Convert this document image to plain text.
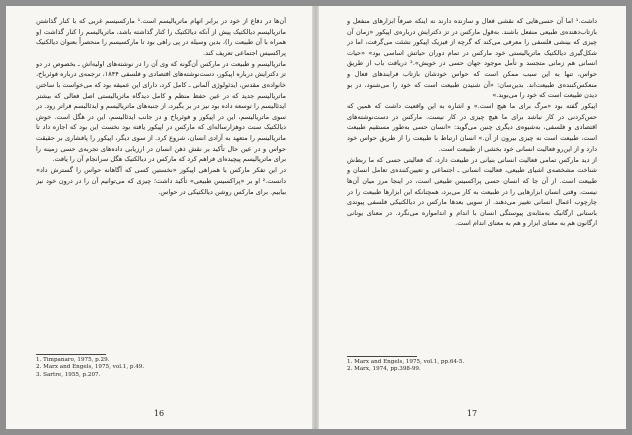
آن‌ها در دفاع از خود در برابر اتهام ماتریالیسم است.¹ مارکسیسم غربی که با کنار گذاشتن ماتریالیسم دیالکتیک پیش از آنکه دیالکتیک را کنار گذاشته باشد، ماتریالیسم را کنار گذاشت (و همراه با آن طبیعت را)، بدین وسیله در پی راهی بود تا مارکسیسم را منحصراً بعنوان دیالکتیک پراکسیس اجتماعی تعریف کند.

ماتریالیسم و طبیعت در مارکس آن‌گونه که وی آن را در نوشته‌های اولیه‌اش ـ بخصوص در دو تز دکترایش درباره اپیکور، دست‌نوشته‌های اقتصادی و فلسفی ۱۸۴۴، ترجمه‌ی درباره فوئرباخ، خانواده‌ی مقدس، ایدئولوژی آلمانی ـ کامل کرد، دارای این عمیقه بود که می‌خواست با ساختن ماتریالیسم جدید که در عین حفظ منظم و کامل دیدگاه ماتریالیستی اصل فعالی که بیشتر ایدئالیسم را توسعه داده بود نیز در بر بگیرد، از جنبه‌های ماتریالیسم و ایدئالیسم فراتر رود. در سوی ماتریالیسم، این در اپیکور و فوئرباخ و در جانب ایدئالیسم، این در هگل است. خوش دیالکتیک سنت دوهزارساله‌ای که مارکس در اپیکور یافته بود نخست این بود که اجازه داد تا ماتریالیسم را متعهد به آزادی انسان، شروع کرد. از سوی دیگر، اپیکور را پافشاری بر حقیقت حواس و در عین حال تأکید بر نقش ذهن انسان در ارزیابی داده‌های تجربه‌ی حسی زمینه را برای ماتریالیسم پیچیده‌ای فراهم کرد که مارکس در دیالکتیک هگل سرانجام آن را یافت.

در این تفکر مارکس با همراهی اپیکور «نخستین کسی که آگاهانه حواس را گسترش داد» دانست.² او بر «پراکسیس طبیعی» تأکید داشت؛ چیزی که می‌توانیم آن را در درون خود نیز بیابیم. برای مارکس روشن دیالکتیکی در حواس.

1. Timpanaro, 1975, p.29.
2. Marx and Engels, 1975, vol.1, p.49.
3. Sartre, 1955, p.207.
16

داشت.¹ اما آن حسی‌هایی که نقشی فعال و سازنده دارند نه اینکه صرفاً ابزارهای منفعل و بازتاب‌دهنده‌ی طبیعی منفعل باشند. به‌قول مارکس در تز دکترایش درباره‌ی اپیکور «زمان آن چیزی که بینشی فلسفی را معرفی می‌کند که گرچه از فیزیک اپیکور نشئت می‌گرفت، اما در شکل‌گیری دیالکتیک ماتریالیستی خود مارکس در تمام دوران حیاتش اساسی بود» «حیات انسانی هم زمانی متجسد و تأمل موجود جهان حسی در خویش».² دریافت باب از طریق حواس، تنها به این سبب ممکن است که حواس خودشان بازتاب فرایندهای فعال و منعکس‌کننده‌ی طبیعت‌اند. بدین‌سان: «آن شنیدن طبیعت است که خود را می‌شنود، در بو دیدن طبیعت است که خود را می‌بوید.»

اپیکور گفته بود «مرگ برای ما هیچ است.» و اشاره به این واقعیت داشت که همین که حس‌کردنی در کار نباشد برای ما هیچ چیزی در کار نیست. مارکس در دست‌نوشته‌های اقتصادی و فلسفی، به‌شیوه‌ی دیگری چنین می‌گوید: «انسان حسی به‌طور مستقیم طبیعت است، طبیعت است نه چیزی بیرون از آن.» انسان ارتباط با طبیعت را از طریق حواس خود دارد و از این‌رو فعالیت انسانی خود بخشی از طبیعت است.

از دید مارکس تمامی فعالیت انسانی بنیانی در طبیعت دارد، که فعالیتی حسی که ما ربط‌ش شناخت مشخصه‌ی اشیای طبیعی، فعالیت انسانی ـ اجتماعی و تعیین‌کننده‌ی تعامل انسان و طبیعت است. از آن جا که انسان حسی پراکسیس طبیعی است، در اینجا مرز میان آن‌ها نیست. وقتی انسان ابزارهایی را در طبیعت به کار می‌برد، همچنانکه این ابزارها طبیعت را در چارچوب اعمال انسانی تغییر می‌دهند. از سویی بعدها مارکس در دیالکتیکی فلسفی پیوندی باستانی ارگانیک به‌مثابه‌ی پیوستگی انسان با اندام و اندامواره می‌نگرد. در معنای یونانی ارگانون هم به معنای ابزار و هم به معنای اندام است.

1. Marx and Engels, 1975, vol.1, pp.64-5.
2. Marx, 1974, pp.398-99.
17
